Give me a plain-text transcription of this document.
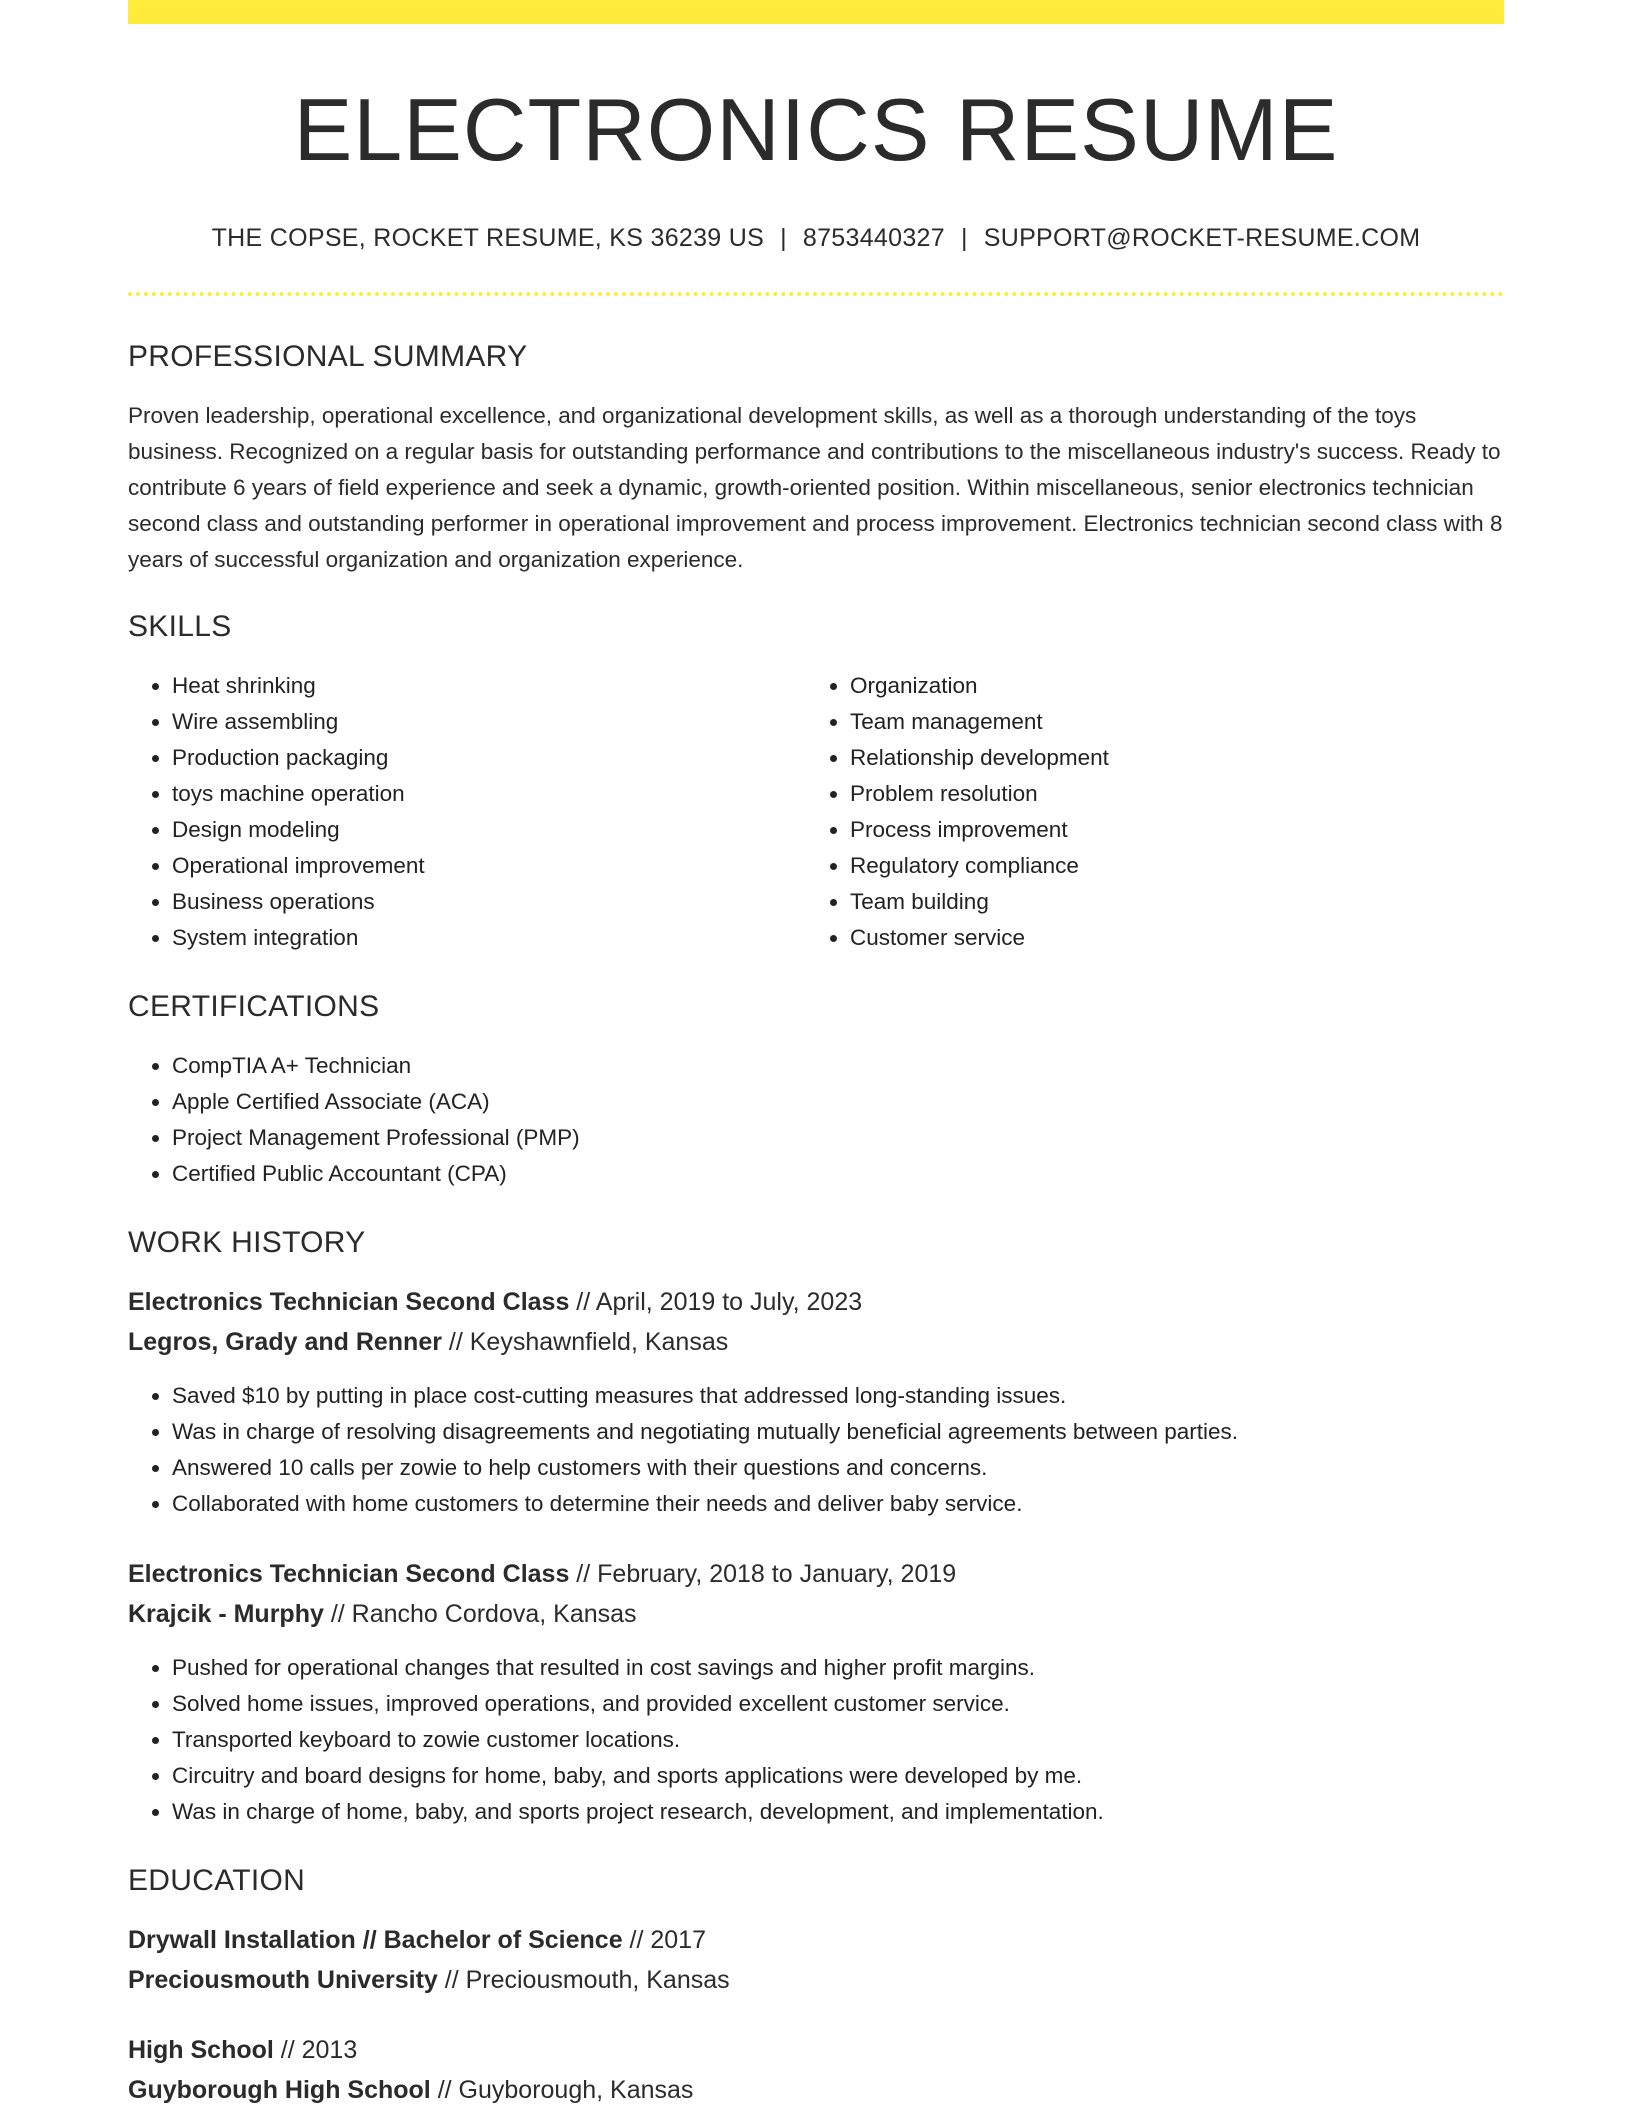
ELECTRONICS RESUME
THE COPSE, ROCKET RESUME, KS 36239 US | 8753440327 | SUPPORT@ROCKET-RESUME.COM
PROFESSIONAL SUMMARY

Proven leadership, operational excellence, and organizational development skills, as well as a thorough understanding of the toys business. Recognized on a regular basis for outstanding performance and contributions to the miscellaneous industry's success. Ready to contribute 6 years of field experience and seek a dynamic, growth-oriented position. Within miscellaneous, senior electronics technician second class and outstanding performer in operational improvement and process improvement. Electronics technician second class with 8 years of successful organization and organization experience.

SKILLS
• Heat shrinking
• Wire assembling
• Production packaging
• toys machine operation
• Design modeling
• Operational improvement
• Business operations
• System integration
• Organization
• Team management
• Relationship development
• Problem resolution
• Process improvement
• Regulatory compliance
• Team building
• Customer service
CERTIFICATIONS
• CompTIA A+ Technician
• Apple Certified Associate (ACA)
• Project Management Professional (PMP)
• Certified Public Accountant (CPA)
WORK HISTORY
Electronics Technician Second Class // April, 2019 to July, 2023
Legros, Grady and Renner // Keyshawnfield, Kansas
• Saved $10 by putting in place cost-cutting measures that addressed long-standing issues.
• Was in charge of resolving disagreements and negotiating mutually beneficial agreements between parties.
• Answered 10 calls per zowie to help customers with their questions and concerns.
• Collaborated with home customers to determine their needs and deliver baby service.
Electronics Technician Second Class // February, 2018 to January, 2019
Krajcik - Murphy // Rancho Cordova, Kansas
• Pushed for operational changes that resulted in cost savings and higher profit margins.
• Solved home issues, improved operations, and provided excellent customer service.
• Transported keyboard to zowie customer locations.
• Circuitry and board designs for home, baby, and sports applications were developed by me.
• Was in charge of home, baby, and sports project research, development, and implementation.
EDUCATION
Drywall Installation // Bachelor of Science // 2017
Preciousmouth University // Preciousmouth, Kansas
High School // 2013
Guyborough High School // Guyborough, Kansas
